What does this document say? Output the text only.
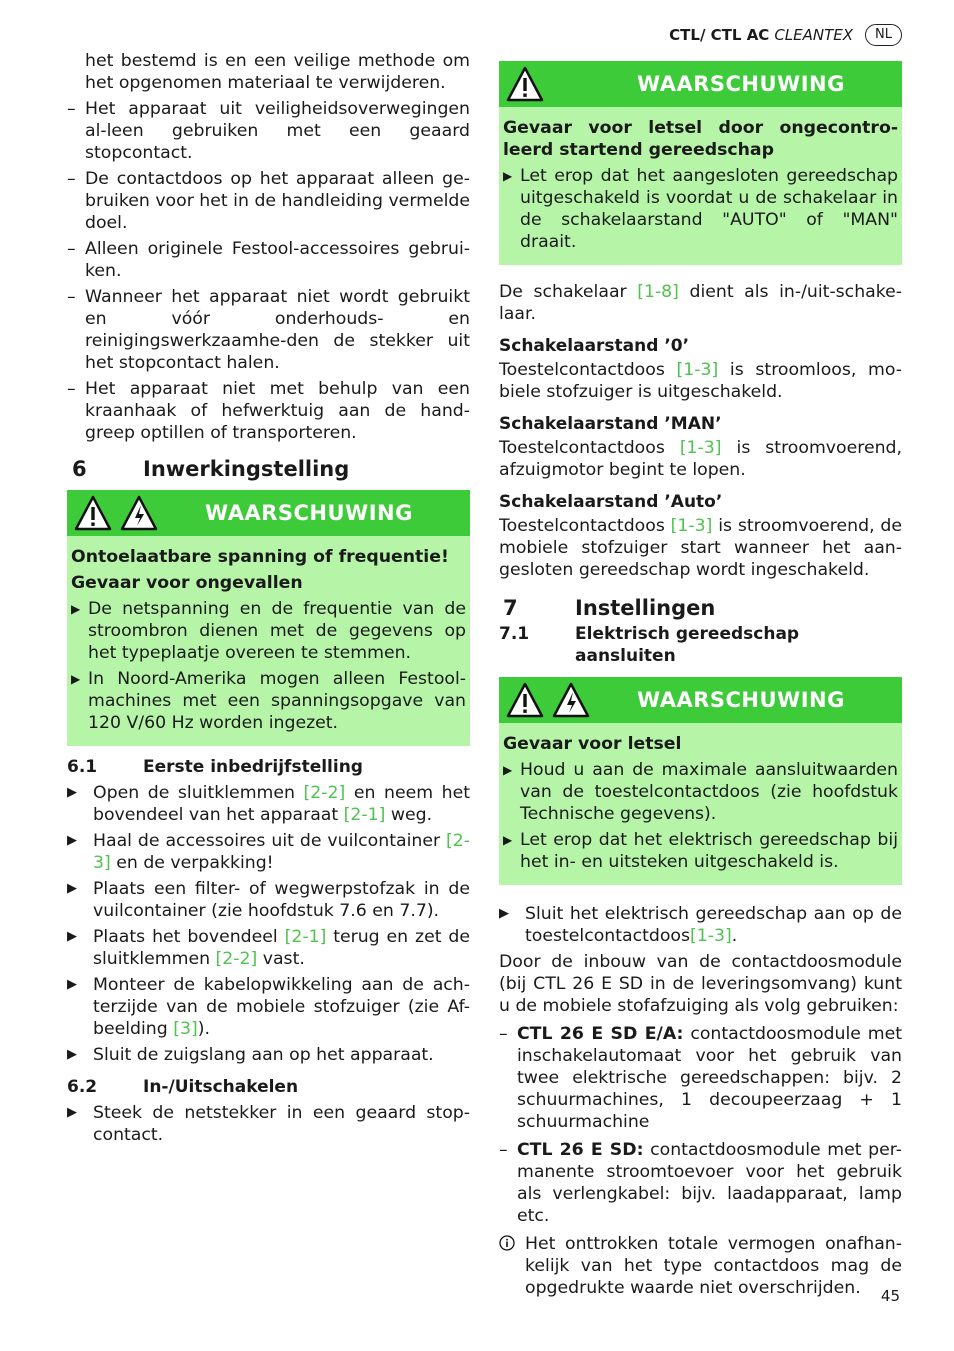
CTL/ CTL AC CLEANTEX	NL
het bestemd is en een veilige methode om het opgenomen materiaal te verwijderen.
– Het apparaat uit veiligheidsoverwegingen al-leen gebruiken met een geaard stopcontact.
– De contactdoos op het apparaat alleen ge-bruiken voor het in de handleiding vermelde doel.
– Alleen originele Festool-accessoires gebrui-ken.
– Wanneer het apparaat niet wordt gebruikt en vóór onderhouds- en reinigingswerkzaamhe-den de stekker uit het stopcontact halen.
– Het apparaat niet met behulp van een kraanhaak of hefwerktuig aan de hand-greep optillen of transporteren.
6	Inwerkingstelling
WAARSCHUWING
Ontoelaatbare spanning of frequentie!
Gevaar voor ongevallen
▶ De netspanning en de frequentie van de stroombron dienen met de gegevens op het typeplaatje overeen te stemmen.
▶ In Noord-Amerika mogen alleen Festool-machines met een spanningsopgave van 120 V/60 Hz worden ingezet.
6.1	Eerste inbedrijfstelling
▶ Open de sluitklemmen [2-2] en neem het bovendeel van het apparaat [2-1] weg.
▶ Haal de accessoires uit de vuilcontainer [2-3] en de verpakking!
▶ Plaats een filter- of wegwerpstofzak in de vuilcontainer (zie hoofdstuk 7.6 en 7.7).
▶ Plaats het bovendeel [2-1] terug en zet de sluitklemmen [2-2] vast.
▶ Monteer de kabelopwikkeling aan de ach-terzijde van de mobiele stofzuiger (zie Af-beelding [3]).
▶ Sluit de zuigslang aan op het apparaat.
6.2	In-/Uitschakelen
▶ Steek de netstekker in een geaard stop-contact.
WAARSCHUWING
Gevaar voor letsel door ongecontro-leerd startend gereedschap
▶ Let erop dat het aangesloten gereedschap uitgeschakeld is voordat u de schakelaar in de schakelaarstand "AUTO" of "MAN" draait.

De schakelaar [1-8] dient als in-/uit-schake-laar.

Schakelaarstand ’0’

Toestelcontactdoos [1-3] is stroomloos, mo-biele stofzuiger is uitgeschakeld.

Schakelaarstand ’MAN’

Toestelcontactdoos [1-3] is stroomvoerend, afzuigmotor begint te lopen.

Schakelaarstand ’Auto’

Toestelcontactdoos [1-3] is stroomvoerend, de mobiele stofzuiger start wanneer het aan-gesloten gereedschap wordt ingeschakeld.

7	Instellingen
7.1	Elektrisch gereedschap aansluiten
WAARSCHUWING
Gevaar voor letsel
▶ Houd u aan de maximale aansluitwaarden van de toestelcontactdoos (zie hoofdstuk Technische gegevens).
▶ Let erop dat het elektrisch gereedschap bij het in- en uitsteken uitgeschakeld is.
▶ Sluit het elektrisch gereedschap aan op de toestelcontactdoos[1-3].

Door de inbouw van de contactdoosmodule (bij CTL 26 E SD in de leveringsomvang) kunt u de mobiele stofafzuiging als volg gebruiken:

– CTL 26 E SD E/A: contactdoosmodule met inschakelautomaat voor het gebruik van twee elektrische gereedschappen: bijv. 2 schuurmachines, 1 decoupeerzaag + 1 schuurmachine
– CTL 26 E SD: contactdoosmodule met per-manente stroomtoevoer voor het gebruik als verlengkabel: bijv. laadapparaat, lamp etc.
Het onttrokken totale vermogen onafhan-kelijk van het type contactdoos mag de opgedrukte waarde niet overschrijden.	45
